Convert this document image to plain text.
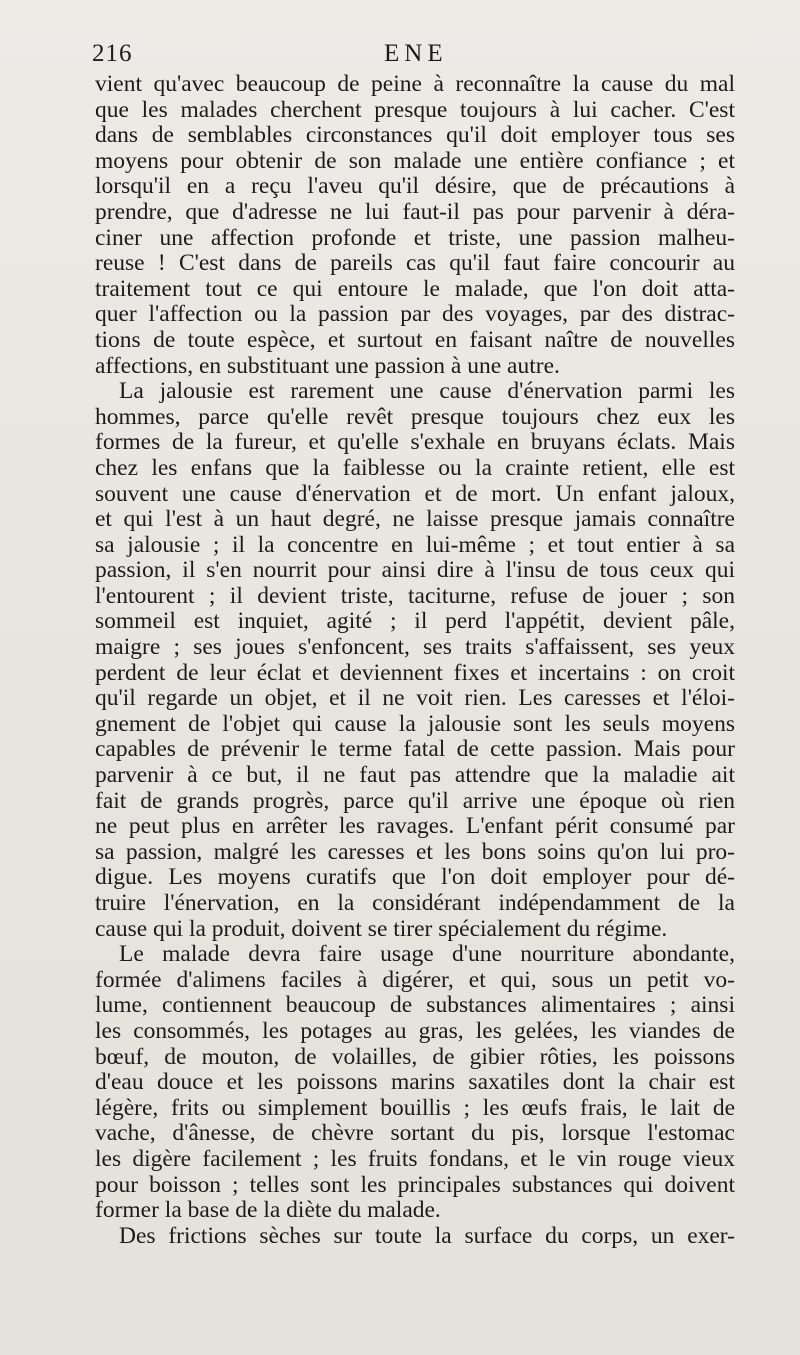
216	ENE

vient qu'avec beaucoup de peine à reconnaître la cause du mal
que les malades cherchent presque toujours à lui cacher. C'est
dans de semblables circonstances qu'il doit employer tous ses
moyens pour obtenir de son malade une entière confiance ; et
lorsqu'il en a reçu l'aveu qu'il désire, que de précautions à
prendre, que d'adresse ne lui faut-il pas pour parvenir à déra-
ciner une affection profonde et triste, une passion malheu-
reuse ! C'est dans de pareils cas qu'il faut faire concourir au
traitement tout ce qui entoure le malade, que l'on doit atta-
quer l'affection ou la passion par des voyages, par des distrac-
tions de toute espèce, et surtout en faisant naître de nouvelles
affections, en substituant une passion à une autre.

La jalousie est rarement une cause d'énervation parmi les
hommes, parce qu'elle revêt presque toujours chez eux les
formes de la fureur, et qu'elle s'exhale en bruyans éclats. Mais
chez les enfans que la faiblesse ou la crainte retient, elle est
souvent une cause d'énervation et de mort. Un enfant jaloux,
et qui l'est à un haut degré, ne laisse presque jamais connaître
sa jalousie ; il la concentre en lui-même ; et tout entier à sa
passion, il s'en nourrit pour ainsi dire à l'insu de tous ceux qui
l'entourent ; il devient triste, taciturne, refuse de jouer ; son
sommeil est inquiet, agité ; il perd l'appétit, devient pâle,
maigre ; ses joues s'enfoncent, ses traits s'affaissent, ses yeux
perdent de leur éclat et deviennent fixes et incertains : on croit
qu'il regarde un objet, et il ne voit rien. Les caresses et l'éloi-
gnement de l'objet qui cause la jalousie sont les seuls moyens
capables de prévenir le terme fatal de cette passion. Mais pour
parvenir à ce but, il ne faut pas attendre que la maladie ait
fait de grands progrès, parce qu'il arrive une époque où rien
ne peut plus en arrêter les ravages. L'enfant périt consumé par
sa passion, malgré les caresses et les bons soins qu'on lui pro-
digue. Les moyens curatifs que l'on doit employer pour dé-
truire l'énervation, en la considérant indépendamment de la
cause qui la produit, doivent se tirer spécialement du régime.

Le malade devra faire usage d'une nourriture abondante,
formée d'alimens faciles à digérer, et qui, sous un petit vo-
lume, contiennent beaucoup de substances alimentaires ; ainsi
les consommés, les potages au gras, les gelées, les viandes de
bœuf, de mouton, de volailles, de gibier rôties, les poissons
d'eau douce et les poissons marins saxatiles dont la chair est
légère, frits ou simplement bouillis ; les œufs frais, le lait de
vache, d'ânesse, de chèvre sortant du pis, lorsque l'estomac
les digère facilement ; les fruits fondans, et le vin rouge vieux
pour boisson ; telles sont les principales substances qui doivent
former la base de la diète du malade.

Des frictions sèches sur toute la surface du corps, un exer-
